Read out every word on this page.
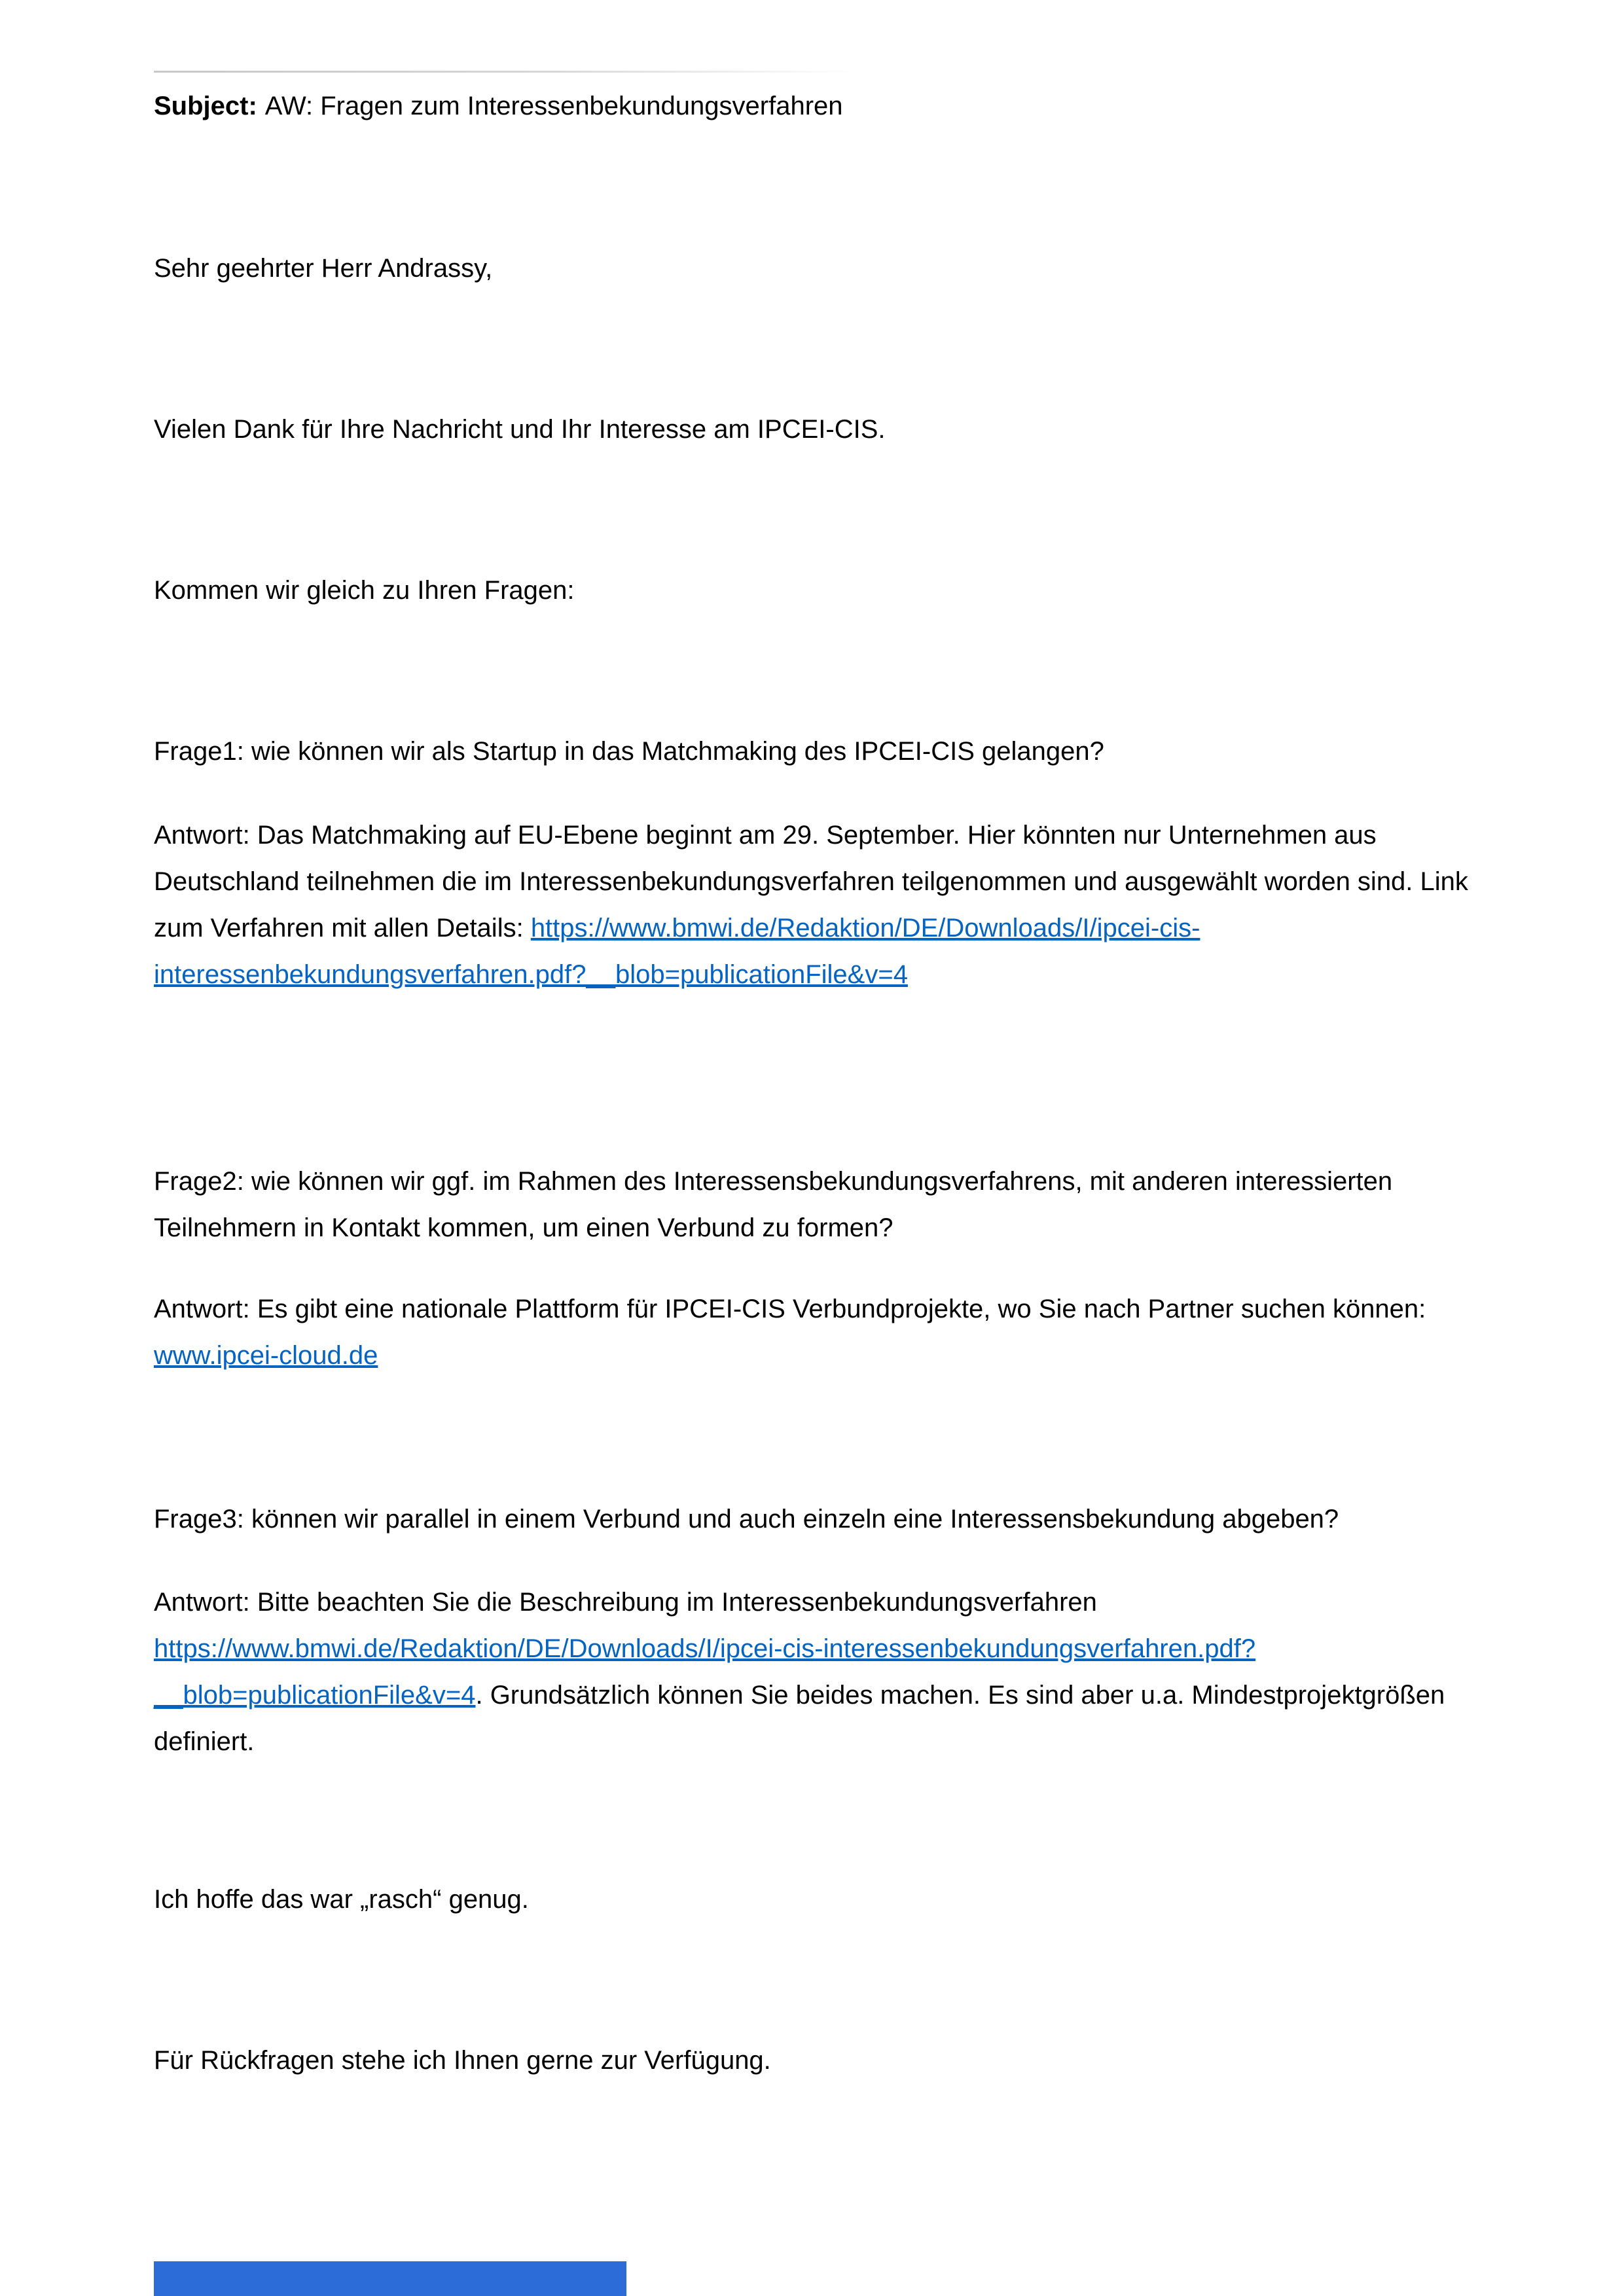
Subject: AW: Fragen zum Interessenbekundungsverfahren

Sehr geehrter Herr Andrassy,

Vielen Dank für Ihre Nachricht und Ihr Interesse am IPCEI-CIS.

Kommen wir gleich zu Ihren Fragen:

Frage1: wie können wir als Startup in das Matchmaking des IPCEI-CIS gelangen?

Antwort: Das Matchmaking auf EU-Ebene beginnt am 29. September. Hier könnten nur Unternehmen aus Deutschland teilnehmen die im Interessenbekundungsverfahren teilgenommen und ausgewählt worden sind. Link zum Verfahren mit allen Details: https://www.bmwi.de/Redaktion/DE/Downloads/I/ipcei-cis-interessenbekundungsverfahren.pdf?__blob=publicationFile&v=4

Frage2: wie können wir ggf. im Rahmen des Interessensbekundungsverfahrens, mit anderen interessierten Teilnehmern in Kontakt kommen, um einen Verbund zu formen?

Antwort: Es gibt eine nationale Plattform für IPCEI-CIS Verbundprojekte, wo Sie nach Partner suchen können: www.ipcei-cloud.de

Frage3: können wir parallel in einem Verbund und auch einzeln eine Interessensbekundung abgeben?

Antwort: Bitte beachten Sie die Beschreibung im Interessenbekundungsverfahren https://www.bmwi.de/Redaktion/DE/Downloads/I/ipcei-cis-interessenbekundungsverfahren.pdf?__blob=publicationFile&v=4. Grundsätzlich können Sie beides machen. Es sind aber u.a. Mindestprojektgrößen definiert.

Ich hoffe das war „rasch“ genug.

Für Rückfragen stehe ich Ihnen gerne zur Verfügung.
